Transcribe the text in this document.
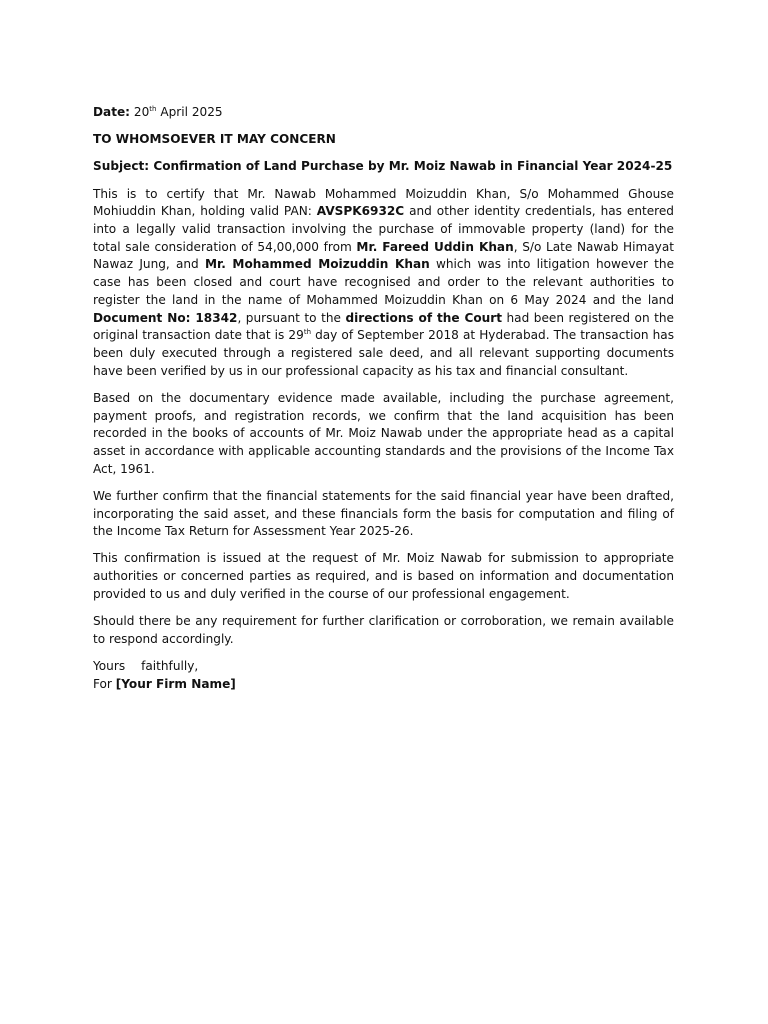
Date: 20th April 2025
TO WHOMSOEVER IT MAY CONCERN
Subject: Confirmation of Land Purchase by Mr. Moiz Nawab in Financial Year 2024-25

This is to certify that Mr. Nawab Mohammed Moizuddin Khan, S/o Mohammed Ghouse Mohiuddin Khan, holding valid PAN: AVSPK6932C and other identity credentials, has entered into a legally valid transaction involving the purchase of immovable property (land) for the total sale consideration of 54,00,000 from Mr. Fareed Uddin Khan, S/o Late Nawab Himayat Nawaz Jung, and Mr. Mohammed Moizuddin Khan which was into litigation however the case has been closed and court have recognised and order to the relevant authorities to register the land in the name of Mohammed Moizuddin Khan on 6 May 2024 and the land Document No: 18342, pursuant to the directions of the Court had been registered on the original transaction date that is 29th day of September 2018 at Hyderabad. The transaction has been duly executed through a registered sale deed, and all relevant supporting documents have been verified by us in our professional capacity as his tax and financial consultant.

Based on the documentary evidence made available, including the purchase agreement, payment proofs, and registration records, we confirm that the land acquisition has been recorded in the books of accounts of Mr. Moiz Nawab under the appropriate head as a capital asset in accordance with applicable accounting standards and the provisions of the Income Tax Act, 1961.

We further confirm that the financial statements for the said financial year have been drafted, incorporating the said asset, and these financials form the basis for computation and filing of the Income Tax Return for Assessment Year 2025-26.

This confirmation is issued at the request of Mr. Moiz Nawab for submission to appropriate authorities or concerned parties as required, and is based on information and documentation provided to us and duly verified in the course of our professional engagement.

Should there be any requirement for further clarification or corroboration, we remain available to respond accordingly.

Yours faithfully,
For [Your Firm Name]
